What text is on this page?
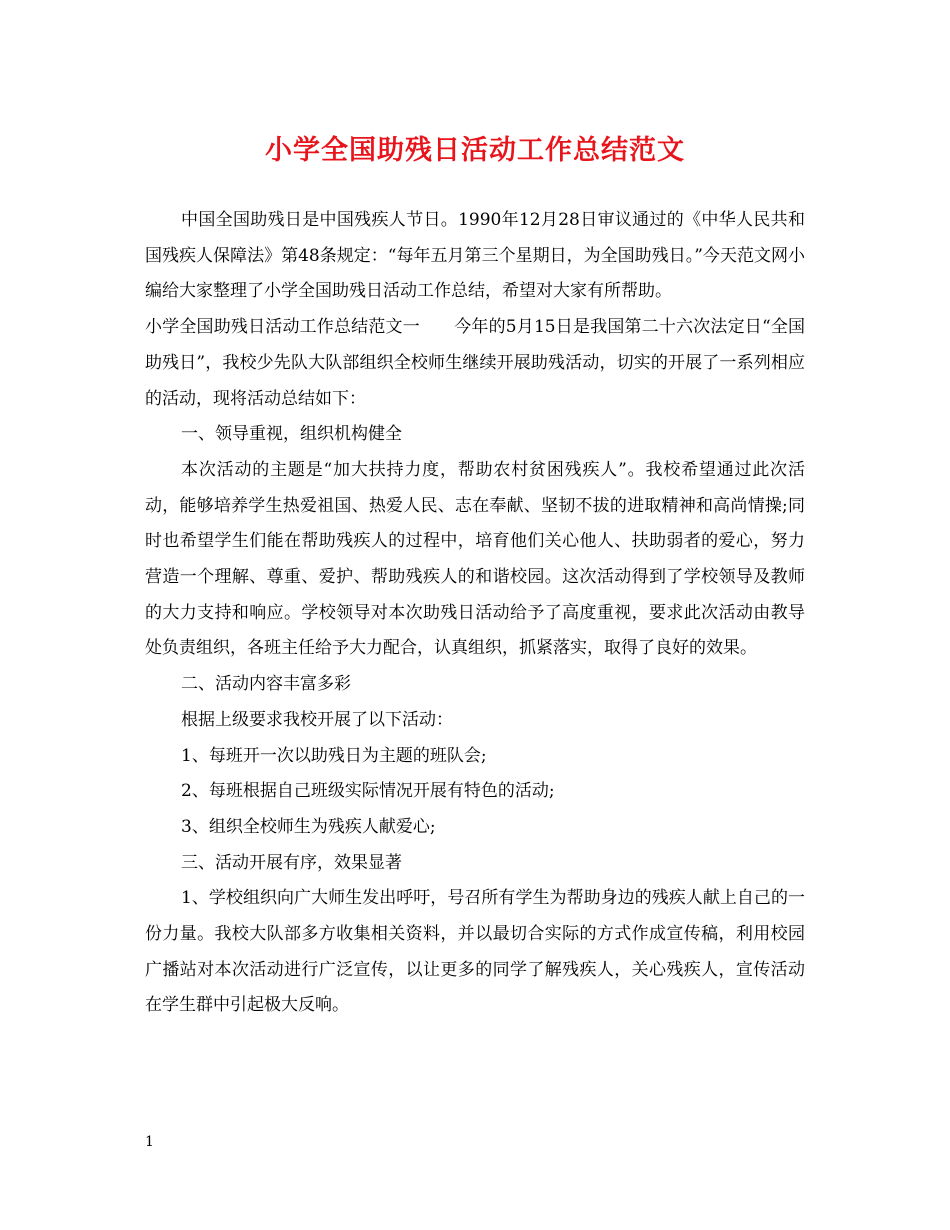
小学全国助残日活动工作总结范文

中国全国助残日是中国残疾人节日。1990年12月28日审议通过的《中华人民共和国残疾人保障法》第48条规定：“每年五月第三个星期日，为全国助残日。”今天范文网小编给大家整理了小学全国助残日活动工作总结，希望对大家有所帮助。

小学全国助残日活动工作总结范文一　　今年的5月15日是我国第二十六次法定日“全国助残日”，我校少先队大队部组织全校师生继续开展助残活动，切实的开展了一系列相应的活动，现将活动总结如下：

一、领导重视，组织机构健全

本次活动的主题是“加大扶持力度，帮助农村贫困残疾人”。我校希望通过此次活动，能够培养学生热爱祖国、热爱人民、志在奉献、坚韧不拔的进取精神和高尚情操;同时也希望学生们能在帮助残疾人的过程中，培育他们关心他人、扶助弱者的爱心，努力营造一个理解、尊重、爱护、帮助残疾人的和谐校园。这次活动得到了学校领导及教师的大力支持和响应。学校领导对本次助残日活动给予了高度重视，要求此次活动由教导处负责组织，各班主任给予大力配合，认真组织，抓紧落实，取得了良好的效果。

二、活动内容丰富多彩

根据上级要求我校开展了以下活动：

1、每班开一次以助残日为主题的班队会;

2、每班根据自己班级实际情况开展有特色的活动;

3、组织全校师生为残疾人献爱心;

三、活动开展有序，效果显著

1、学校组织向广大师生发出呼吁，号召所有学生为帮助身边的残疾人献上自己的一份力量。我校大队部多方收集相关资料，并以最切合实际的方式作成宣传稿，利用校园广播站对本次活动进行广泛宣传，以让更多的同学了解残疾人，关心残疾人，宣传活动在学生群中引起极大反响。

1
